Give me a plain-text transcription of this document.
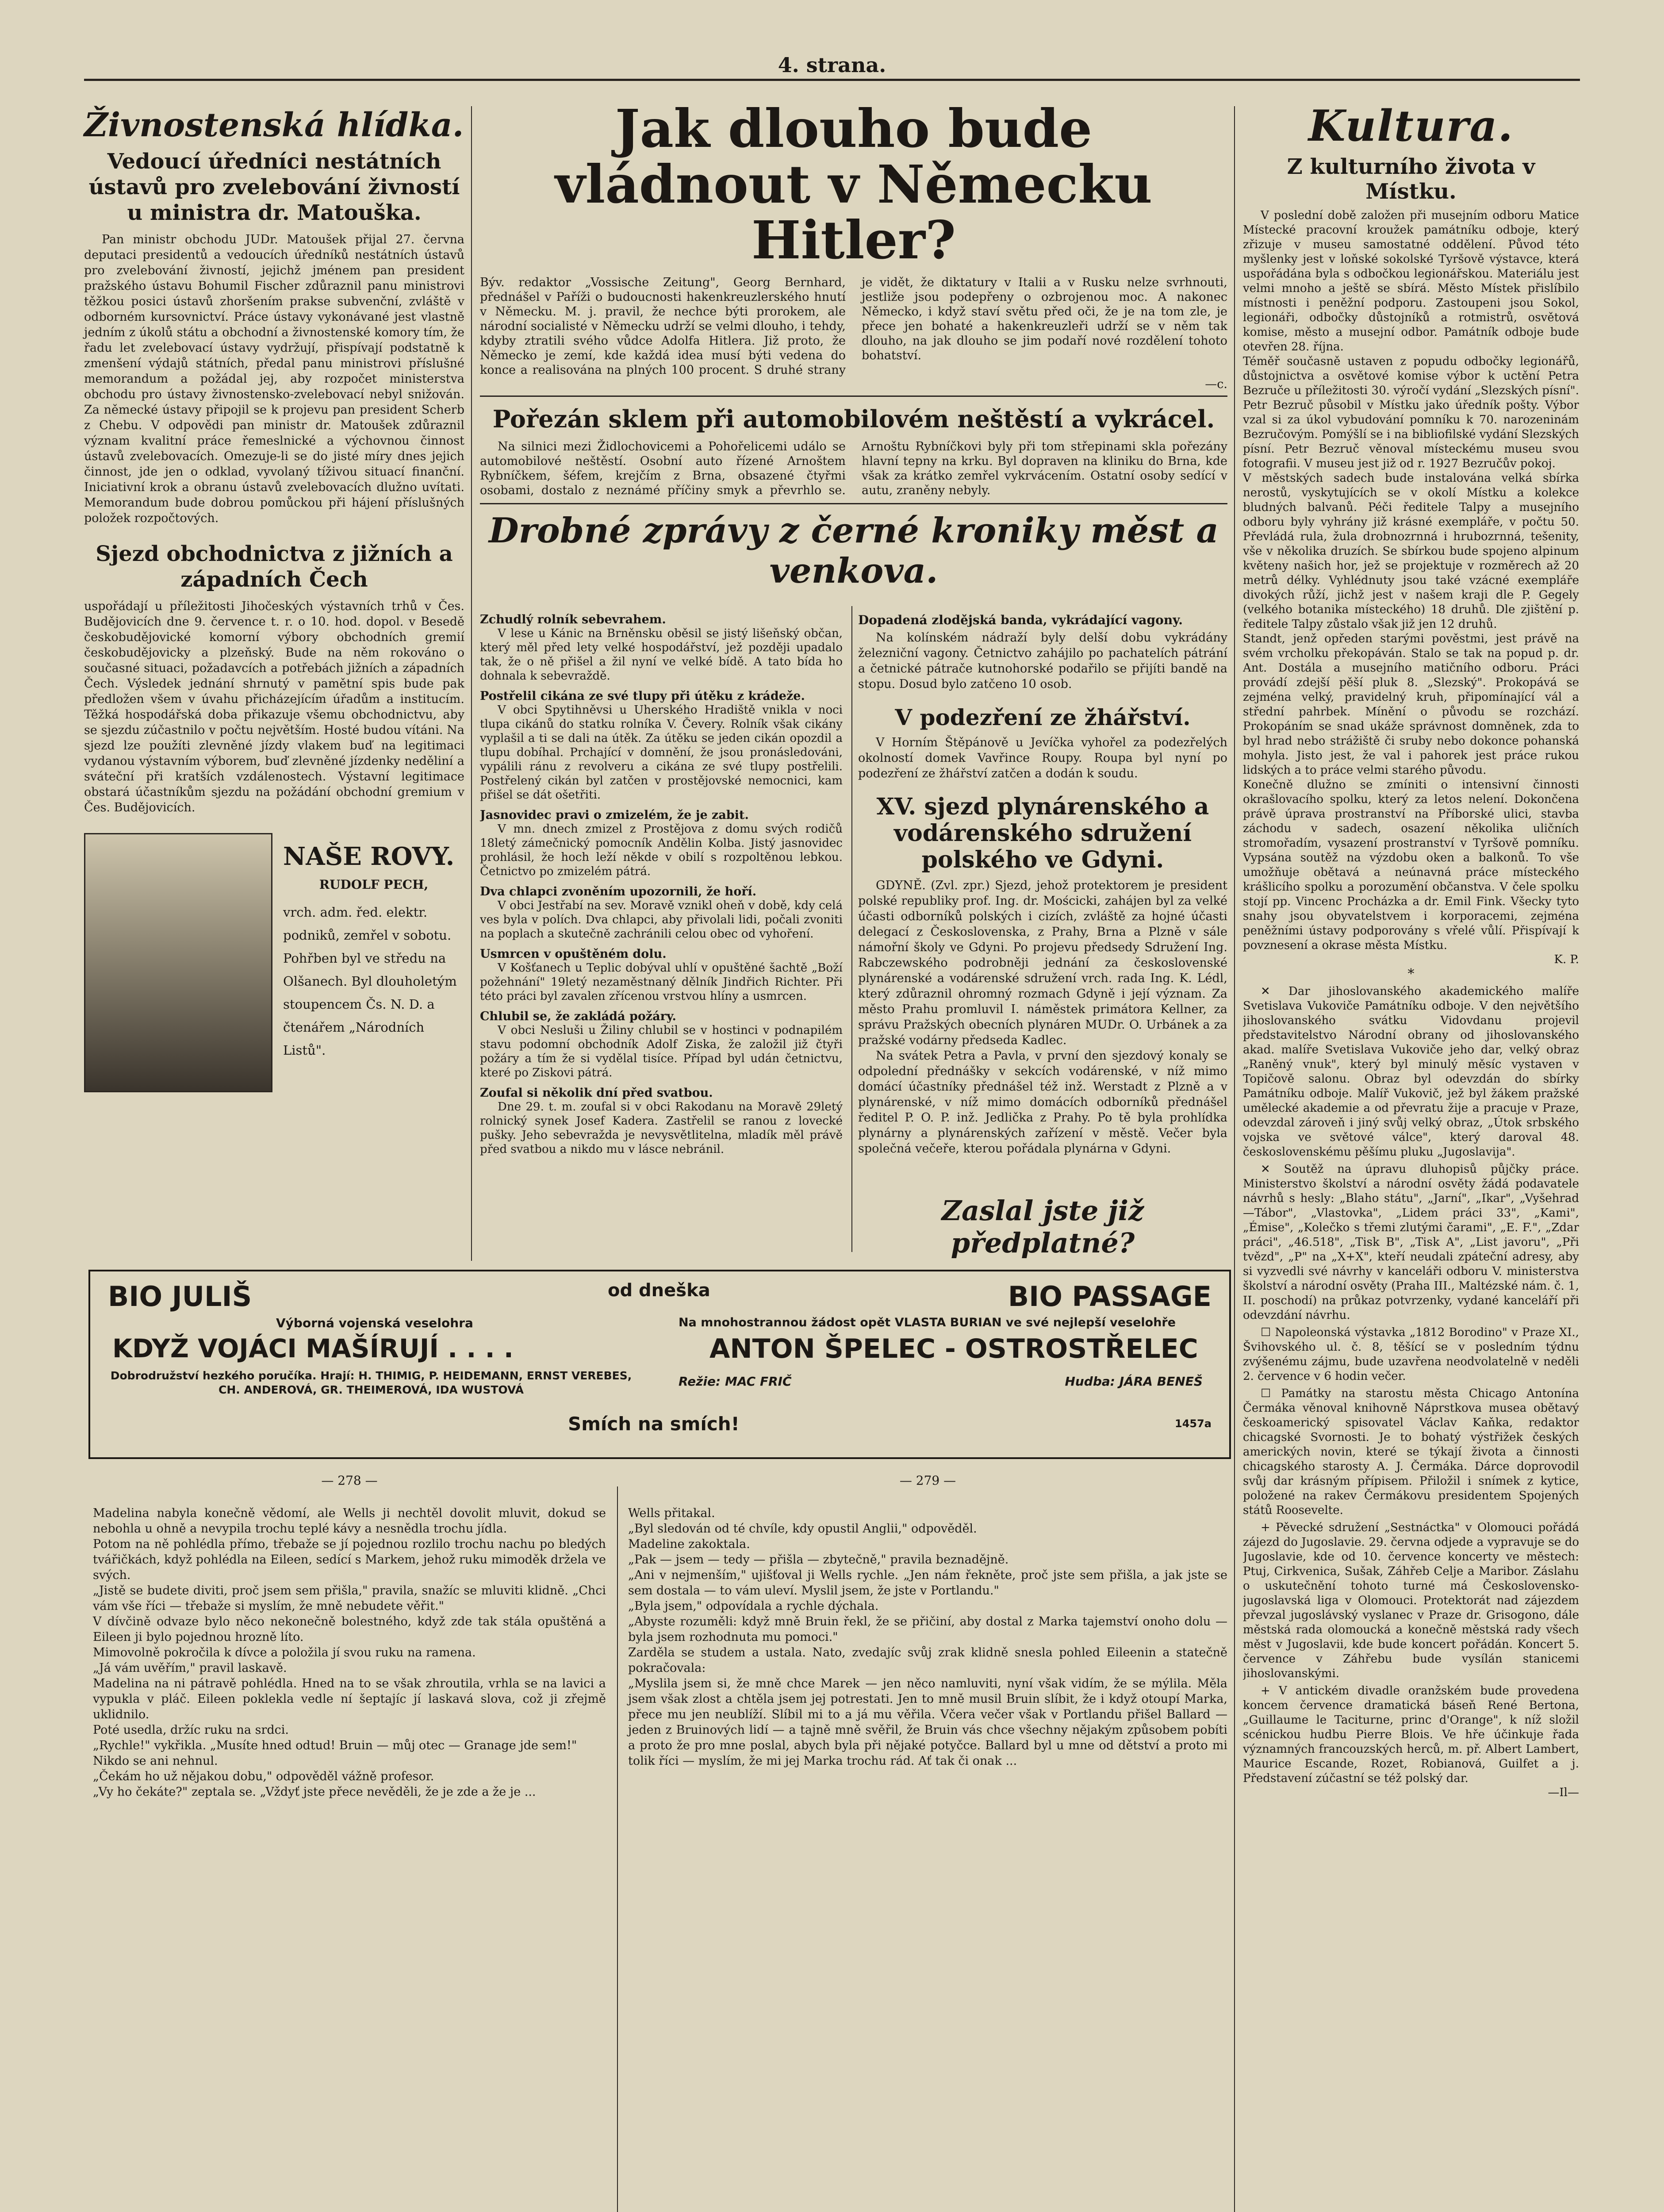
4. strana.
Živnostenská hlídka.
Vedoucí úředníci nestátních ústavů pro zvelebování živností u ministra dr. Matouška.

Pan ministr obchodu JUDr. Matoušek přijal 27. června deputaci presidentů a vedoucích úředníků nestátních ústavů pro zvelebování živností, jejichž jménem pan president pražského ústavu Bohumil Fischer zdůraznil panu ministrovi těžkou posici ústavů zhoršením prakse subvenční, zvláště v odborném kursovnictví. Práce ústavy vykonávané jest vlastně jedním z úkolů státu a obchodní a živnostenské komory tím, že řadu let zvelebovací ústavy vydržují, přispívají podstatně k zmenšení výdajů státních, předal panu ministrovi příslušné memorandum a požádal jej, aby rozpočet ministerstva obchodu pro ústavy živnostensko-zvelebovací nebyl snižován. Za německé ústavy připojil se k projevu pan president Scherb z Chebu. V odpovědi pan ministr dr. Matoušek zdůraznil význam kvalitní práce řemeslnické a výchovnou činnost ústavů zvelebovacích. Omezuje-li se do jisté míry dnes jejich činnost, jde jen o odklad, vyvolaný tíživou situací finanční. Iniciativní krok a obranu ústavů zvelebovacích dlužno uvítati. Memorandum bude dobrou pomůckou při hájení příslušných položek rozpočtových.

Sjezd obchodnictva z jižních a západních Čech

uspořádají u příležitosti Jihočeských výstavních trhů v Čes. Budějovicích dne 9. července t. r. o 10. hod. dopol. v Besedě českobudějovické komorní výbory obchodních gremií českobudějovicky a plzeňský. Bude na něm rokováno o současné situaci, požadavcích a potřebách jižních a západních Čech. Výsledek jednání shrnutý v pamětní spis bude pak předložen všem v úvahu přicházejícím úřadům a institucím. Těžká hospodářská doba přikazuje všemu obchodnictvu, aby se sjezdu zúčastnilo v počtu největším. Hosté budou vítáni. Na sjezd lze použíti zlevněné jízdy vlakem buď na legitimaci vydanou výstavním výborem, buď zlevněné jízdenky neděliní a sváteční při kratších vzdálenostech. Výstavní legitimace obstará účastníkům sjezdu na požádání obchodní gremium v Čes. Budějovicích.

NAŠE ROVY.
RUDOLF PECH,

vrch. adm. řed. elektr. podniků, zemřel v sobotu. Pohřben byl ve středu na Olšanech. Byl dlouholetým stoupencem Čs. N. D. a čtenářem „Národních Listů".

Jak dlouho bude vládnout v Německu Hitler?

Býv. redaktor „Vossische Zeitung", Georg Bernhard, přednášel v Paříži o budoucnosti hakenkreuzlerského hnutí v Německu. M. j. pravil, že nechce býti prorokem, ale národní socialisté v Německu udrží se velmi dlouho, i tehdy, kdyby ztratili svého vůdce Adolfa Hitlera. Již proto, že Německo je zemí, kde každá idea musí býti vedena do konce a realisována na plných 100 procent. S druhé strany je vidět, že diktatury v Italii a v Rusku nelze svrhnouti, jestliže jsou podepřeny o ozbrojenou moc. A nakonec Německo, i když staví světu před oči, že je na tom zle, je přece jen bohaté a hakenkreuzleři udrží se v něm tak dlouho, na jak dlouho se jim podaří nové rozdělení tohoto bohatství.

—c.
Pořezán sklem při automobilovém neštěstí a vykrácel.

Na silnici mezi Židlochovicemi a Pohořelicemi událo se automobilové neštěstí. Osobní auto řízené Arnoštem Rybníčkem, šéfem, krejčím z Brna, obsazené čtyřmi osobami, dostalo z neznámé příčiny smyk a převrhlo se. Arnoštu Rybníčkovi byly při tom střepinami skla pořezány hlavní tepny na krku. Byl dopraven na kliniku do Brna, kde však za krátko zemřel vykrvácením. Ostatní osoby sedící v autu, zraněny nebyly.

Drobné zprávy z černé kroniky měst a venkova.
Zchudlý rolník sebevrahem.

V lese u Kánic na Brněnsku oběsil se jistý lišeňský občan, který měl před lety velké hospodářství, jež později upadalo tak, že o ně přišel a žil nyní ve velké bídě. A tato bída ho dohnala k sebevraždě.

Postřelil cikána ze své tlupy při útěku z krádeže.

V obci Spytihněvsi u Uherského Hradiště vnikla v noci tlupa cikánů do statku rolníka V. Čevery. Rolník však cikány vyplašil a ti se dali na útěk. Za útěku se jeden cikán opozdil a tlupu dobíhal. Prchající v domnění, že jsou pronásledováni, vypálili ránu z revolveru a cikána ze své tlupy postřelili. Postřelený cikán byl zatčen v prostějovské nemocnici, kam přišel se dát ošetřiti.

Jasnovidec pravi o zmizelém, že je zabit.

V mn. dnech zmizel z Prostějova z domu svých rodičů 18letý zámečnický pomocník Andělin Kolba. Jistý jasnovidec prohlásil, že hoch leží někde v obilí s rozpoltěnou lebkou. Četnictvo po zmizelém pátrá.

Dva chlapci zvoněním upozornili, že hoří.

V obci Jestřabí na sev. Moravě vznikl oheň v době, kdy celá ves byla v polích. Dva chlapci, aby přivolali lidi, počali zvoniti na poplach a skutečně zachránili celou obec od vyhoření.

Usmrcen v opuštěném dolu.

V Košťanech u Teplic dobýval uhlí v opuštěné šachtě „Boží požehnání" 19letý nezaměstnaný dělník Jindřich Richter. Při této práci byl zavalen zřícenou vrstvou hlíny a usmrcen.

Chlubil se, že zakládá požáry.

V obci Nesluši u Žiliny chlubil se v hostinci v podnapilém stavu podomní obchodník Adolf Ziska, že založil již čtyři požáry a tím že si vydělal tisíce. Případ byl udán četnictvu, které po Ziskovi pátrá.

Zoufal si několik dní před svatbou.

Dne 29. t. m. zoufal si v obci Rakodanu na Moravě 29letý rolnický synek Josef Kadera. Zastřelil se ranou z lovecké pušky. Jeho sebevražda je nevysvětlitelna, mladík měl právě před svatbou a nikdo mu v lásce nebránil.

Dopadená zlodějská banda, vykrádající vagony.

Na kolínském nádraží byly delší dobu vykrádány železniční vagony. Četnictvo zahájilo po pachatelích pátrání a četnické pátrače kutnohorské podařilo se přijíti bandě na stopu. Dosud bylo zatčeno 10 osob.

V podezření ze žhářství.

V Horním Štěpánově u Jevíčka vyhořel za podezřelých okolností domek Vavřince Roupy. Roupa byl nyní po podezření ze žhářství zatčen a dodán k soudu.

XV. sjezd plynárenského a vodárenského sdružení polského ve Gdyni.

GDYNĚ. (Zvl. zpr.) Sjezd, jehož protektorem je president polské republiky prof. Ing. dr. Mościcki, zahájen byl za velké účasti odborníků polských i cizích, zvláště za hojné účasti delegací z Československa, z Prahy, Brna a Plzně v sále námořní školy ve Gdyni. Po projevu předsedy Sdružení Ing. Rabczewského podrobněji jednání za československé plynárenské a vodárenské sdružení vrch. rada Ing. K. Lédl, který zdůraznil ohromný rozmach Gdyně i její význam. Za město Prahu promluvil I. náměstek primátora Kellner, za správu Pražských obecních plynáren MUDr. O. Urbánek a za pražské vodárny předseda Kadlec.

Na svátek Petra a Pavla, v první den sjezdový konaly se odpolední přednášky v sekcích vodárenské, v níž mimo domácí účastníky přednášel též inž. Werstadt z Plzně a v plynárenské, v níž mimo domácích odborníků přednášel ředitel P. O. P. inž. Jedlička z Prahy. Po tě byla prohlídka plynárny a plynárenských zařízení v městě. Večer byla společná večeře, kterou pořádala plynárna v Gdyni.

Zaslal jste již předplatné?
BIO JULIŠ	od dneška	BIO PASSAGE
Výborná vojenská veselohra
KDYŽ VOJÁCI MAŠÍRUJÍ . . . .
Dobrodružství hezkého poručíka. Hrají: H. THIMIG, P. HEIDEMANN, ERNST VEREBES, CH. ANDEROVÁ, GR. THEIMEROVÁ, IDA WUSTOVÁ
Na mnohostrannou žádost opět VLASTA BURIAN ve své nejlepší veselohře
ANTON ŠPELEC - OSTROSTŘELEC
Režie: MAC FRIČ	Hudba: JÁRA BENEŠ
Smích na smích!	1457a
— 278 —

Madelina nabyla konečně vědomí, ale Wells ji nechtěl dovolit mluvit, dokud se nebohla u ohně a nevypila trochu teplé kávy a nesnědla trochu jídla.
Potom na ně pohlédla přímo, třebaže se jí pojednou rozlilo trochu nachu po bledých tvářičkách, když pohlédla na Eileen, sedící s Markem, jehož ruku mimoděk držela ve svých.
„Jistě se budete diviti, proč jsem sem přišla," pravila, snažíc se mluviti klidně. „Chci vám vše říci — třebaže si myslím, že mně nebudete věřit."
V dívčině odvaze bylo něco nekonečně bolestného, když zde tak stála opuštěná a Eileen ji bylo pojednou hrozně líto.
Mimovolně pokročila k dívce a položila jí svou ruku na ramena.
„Já vám uvěřím," pravil laskavě.
Madelina na ni pátravě pohlédla. Hned na to se však zhroutila, vrhla se na lavici a vypukla v pláč. Eileen poklekla vedle ní šeptajíc jí laskavá slova, což ji zřejmě uklidnilo.
Poté usedla, držíc ruku na srdci.
„Rychle!" vykřikla. „Musíte hned odtud! Bruin — můj otec — Granage jde sem!"
Nikdo se ani nehnul.
„Čekám ho už nějakou dobu," odpověděl vážně profesor.
„Vy ho čekáte?" zeptala se. „Vždyť jste přece nevěděli, že je zde a že je ...

— 279 —

Wells přitakal.
„Byl sledován od té chvíle, kdy opustil Anglii," odpověděl.
Madeline zakoktala.
„Pak — jsem — tedy — přišla — zbytečně," pravila beznadějně.
„Ani v nejmenším," ujišťoval ji Wells rychle. „Jen nám řekněte, proč jste sem přišla, a jak jste se sem dostala — to vám uleví. Myslil jsem, že jste v Portlandu."
„Byla jsem," odpovídala a rychle dýchala.
„Abyste rozuměli: když mně Bruin řekl, že se přičiní, aby dostal z Marka tajemství onoho dolu — byla jsem rozhodnuta mu pomoci."
Zarděla se studem a ustala. Nato, zvedajíc svůj zrak klidně snesla pohled Eileenin a statečně pokračovala:
„Myslila jsem si, že mně chce Marek — jen něco namluviti, nyní však vidím, že se mýlila. Měla jsem však zlost a chtěla jsem jej potrestati. Jen to mně musil Bruin slíbit, že i když otoupí Marka, přece mu jen neublíží. Slíbil mi to a já mu věřila. Včera večer však v Portlandu přišel Ballard — jeden z Bruinových lidí — a tajně mně svěřil, že Bruin vás chce všechny nějakým způsobem pobíti a proto že pro mne poslal, abych byla při nějaké potyčce. Ballard byl u mne od dětství a proto mi tolik říci — myslím, že mi jej Marka trochu rád. Ať tak či onak ...

Kultura.
Z kulturního života v Místku.

V poslední době založen při musejním odboru Matice Místecké pracovní kroužek památníku odboje, který zřizuje v museu samostatné oddělení. Původ této myšlenky jest v loňské sokolské Tyršově výstavce, která uspořádána byla s odbočkou legionářskou. Materiálu jest velmi mnoho a ještě se sbírá. Město Místek přislíbilo místnosti i peněžní podporu. Zastoupeni jsou Sokol, legionáři, odbočky důstojníků a rotmistrů, osvětová komise, město a musejní odbor. Památník odboje bude otevřen 28. října.
Téměř současně ustaven z popudu odbočky legionářů, důstojnictva a osvětové komise výbor k uctění Petra Bezruče u příležitosti 30. výročí vydání „Slezských písní". Petr Bezruč působil v Místku jako úředník pošty. Výbor vzal si za úkol vybudování pomníku k 70. narozeninám Bezručovým. Pomýšlí se i na bibliofilské vydání Slezských písní. Petr Bezruč věnoval místeckému museu svou fotografii. V museu jest již od r. 1927 Bezručův pokoj.
V městských sadech bude instalována velká sbírka nerostů, vyskytujících se v okolí Místku a kolekce bludných balvanů. Péči ředitele Talpy a musejního odboru byly vyhrány již krásné exempláře, v počtu 50. Převládá rula, žula drobnozrnná i hrubozrnná, tešenity, vše v několika druzích. Se sbírkou bude spojeno alpinum květeny našich hor, jež se projektuje v rozměrech až 20 metrů délky. Vyhlédnuty jsou také vzácné exempláře divokých růží, jichž jest v našem kraji dle P. Gegely (velkého botanika místeckého) 18 druhů. Dle zjištění p. ředitele Talpy zůstalo však již jen 12 druhů.
Standt, jenž opředen starými pověstmi, jest právě na svém vrcholku překopáván. Stalo se tak na popud p. dr. Ant. Dostála a musejního matičního odboru. Práci provádí zdejší pěší pluk 8. „Slezský". Prokopává se zejména velký, pravidelný kruh, připomínající vál a střední pahrbek. Mínění o původu se rozchází. Prokopáním se snad ukáže správnost domněnek, zda to byl hrad nebo strážiště či sruby nebo dokonce pohanská mohyla. Jisto jest, že val i pahorek jest práce rukou lidských a to práce velmi starého původu.
Konečně dlužno se zmíniti o intensivní činnosti okrašlovacího spolku, který za letos nelení. Dokončena právě úprava prostranství na Příborské ulici, stavba záchodu v sadech, osazení několika uličních stromořadím, vysazení prostranství v Tyršově pomníku. Vypsána soutěž na výzdobu oken a balkonů. To vše umožňuje obětavá a neúnavná práce místeckého krášlicího spolku a porozumění občanstva. V čele spolku stojí pp. Vincenc Procházka a dr. Emil Fink. Všecky tyto snahy jsou obyvatelstvem i korporacemi, zejména peněžními ústavy podporovány s vřelé vůlí. Přispívají k povznesení a okrase města Místku.

K. P.
*

✕ Dar jihoslovanského akademického malíře Svetislava Vukoviče Památníku odboje. V den největšího jihoslovanského svátku Vidovdanu projevil představitelstvo Národní obrany od jihoslovanského akad. malíře Svetislava Vukoviče jeho dar, velký obraz „Raněný vnuk", který byl minulý měsíc vystaven v Topičově salonu. Obraz byl odevzdán do sbírky Památníku odboje. Malíř Vukovič, jež byl žákem pražské umělecké akademie a od převratu žije a pracuje v Praze, odevzdal zároveň i jiný svůj velký obraz, „Útok srbského vojska ve světové válce", který daroval 48. československému pěšímu pluku „Jugoslavija".

✕ Soutěž na úpravu dluhopisů půjčky práce. Ministerstvo školství a národní osvěty žádá podavatele návrhů s hesly: „Blaho státu", „Jarní", „Ikar", „Vyšehrad—Tábor", „Vlastovka", „Lidem práci 33", „Kami", „Émise", „Kolečko s třemi zlutými čarami", „E. F.", „Zdar práci", „46.518", „Tisk B", „Tisk A", „List javoru", „Při tvězd", „P" na „X+X", kteří neudali zpáteční adresy, aby si vyzvedli své návrhy v kanceláři odboru V. ministerstva školství a národní osvěty (Praha III., Maltézské nám. č. 1, II. poschodí) na průkaz potvrzenky, vydané kanceláří při odevzdání návrhu.

☐ Napoleonská výstavka „1812 Borodino" v Praze XI., Švihovského ul. č. 8, těšící se v posledním týdnu zvýšenému zájmu, bude uzavřena neodvolatelně v neděli 2. července v 6 hodin večer.

☐ Památky na starostu města Chicago Antonína Čermáka věnoval knihovně Náprstkova musea obětavý českoamerický spisovatel Václav Kaňka, redaktor chicagské Svornosti. Je to bohatý výstřižek českých amerických novin, které se týkají života a činnosti chicagského starosty A. J. Čermáka. Dárce doprovodil svůj dar krásným přípisem. Přiložil i snímek z kytice, položené na rakev Čermákovu presidentem Spojených států Roosevelte.

+ Pěvecké sdružení „Sestnáctka" v Olomouci pořádá zájezd do Jugoslavie. 29. června odjede a vypravuje se do Jugoslavie, kde od 10. července koncerty ve městech: Ptuj, Cirkvenica, Sušak, Záhřeb Celje a Maribor. Záslahu o uskutečnění tohoto turné má Československo-jugoslavská liga v Olomouci. Protektorát nad zájezdem převzal jugoslávský vyslanec v Praze dr. Grisogono, dále městská rada olomoucká a konečně městská rady všech měst v Jugoslavii, kde bude koncert pořádán. Koncert 5. července v Záhřebu bude vysílán stanicemi jihoslovanskými.

+ V antickém divadle oranžském bude provedena koncem července dramatická báseň René Bertona, „Guillaume le Taciturne, princ d'Orange", k níž složil scénickou hudbu Pierre Blois. Ve hře účinkuje řada významných francouzských herců, m. př. Albert Lambert, Maurice Escande, Rozet, Robianová, Guilfet a j. Představení zúčastní se též polský dar.

—Il—
